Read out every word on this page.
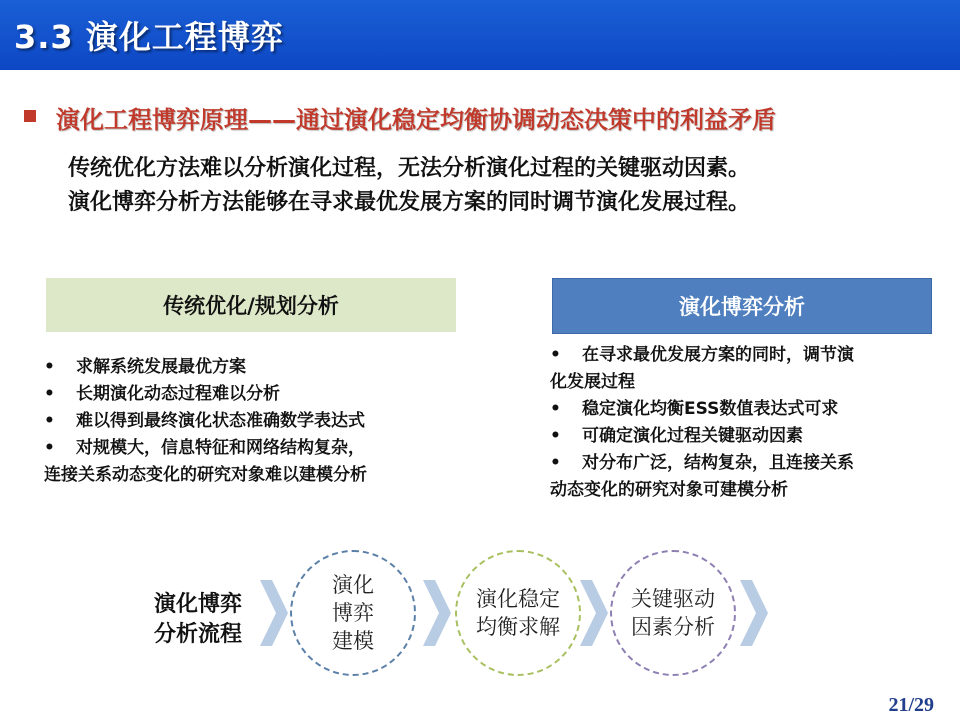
3.3 演化工程博弈
演化工程博弈原理——通过演化稳定均衡协调动态决策中的利益矛盾
传统优化方法难以分析演化过程，无法分析演化过程的关键驱动因素。
演化博弈分析方法能够在寻求最优发展方案的同时调节演化发展过程。
传统优化/规划分析	演化博弈分析
• 求解系统发展最优方案
• 长期演化动态过程难以分析
• 难以得到最终演化状态准确数学表达式
• 对规模大，信息特征和网络结构复杂，
连接关系动态变化的研究对象难以建模分析
• 在寻求最优发展方案的同时，调节演
化发展过程
• 稳定演化均衡ESS数值表达式可求
• 可确定演化过程关键驱动因素
• 对分布广泛，结构复杂，且连接关系
动态变化的研究对象可建模分析
演化博弈
分析流程
演化
博弈
建模
演化稳定
均衡求解
关键驱动
因素分析
21/29
